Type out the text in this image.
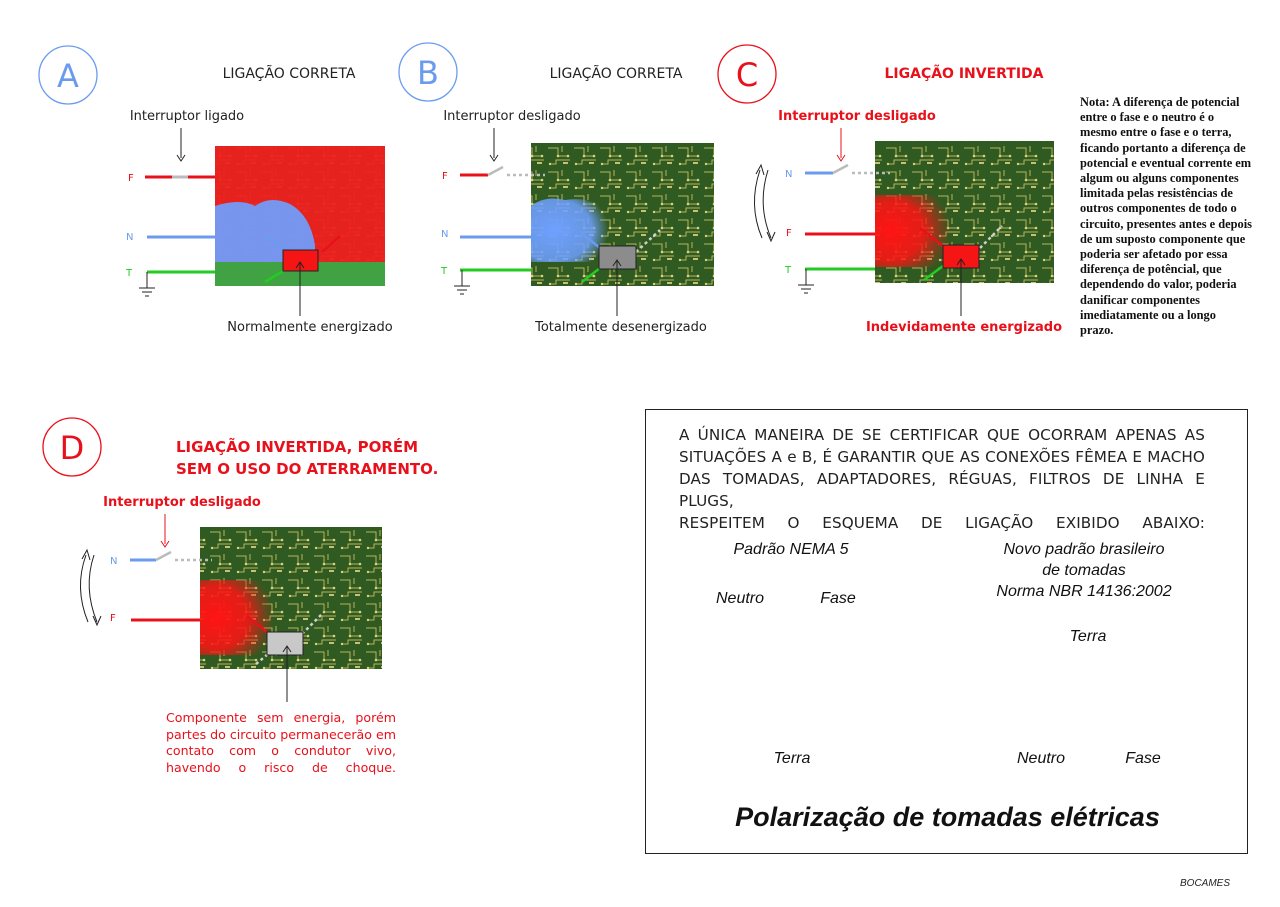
A	LIGAÇÃO CORRETA
Interruptor ligado
F
N
T
Normalmente energizado
B	LIGAÇÃO CORRETA
Interruptor desligado
F
N
T
Totalmente desenergizado
C	LIGAÇÃO INVERTIDA
Interruptor desligado
N
F
T
Indevidamente energizado
D	LIGAÇÃO INVERTIDA, PORÉM
SEM O USO DO ATERRAMENTO.
Interruptor desligado
N
F
Nota: A diferença de potencial entre o fase e o neutro é o mesmo entre o fase e o terra, ficando portanto a diferença de potencial e eventual corrente em algum ou alguns componentes limitada pelas resistências de outros componentes de todo o circuito, presentes antes e depois de um suposto componente que poderia ser afetado por essa diferença de potêncial, que dependendo do valor, poderia danificar componentes imediatamente ou a longo prazo.
Componente sem energia, porém
partes do circuito permanecerão em
contato com o condutor vivo,
havendo o risco de choque.
A ÚNICA MANEIRA DE SE CERTIFICAR QUE OCORRAM APENAS AS
SITUAÇÕES A e B, É GARANTIR QUE AS CONEXÕES FÊMEA E MACHO
DAS TOMADAS, ADAPTADORES, RÉGUAS, FILTROS DE LINHA E PLUGS,
RESPEITEM O ESQUEMA DE LIGAÇÃO EXIBIDO ABAIXO:
Padrão NEMA 5
Neutro	Fase
Terra
Novo padrão brasileiro
de tomadas
Norma NBR 14136:2002
Terra
Neutro	Fase
Polarização de tomadas elétricas
BOCAMES
